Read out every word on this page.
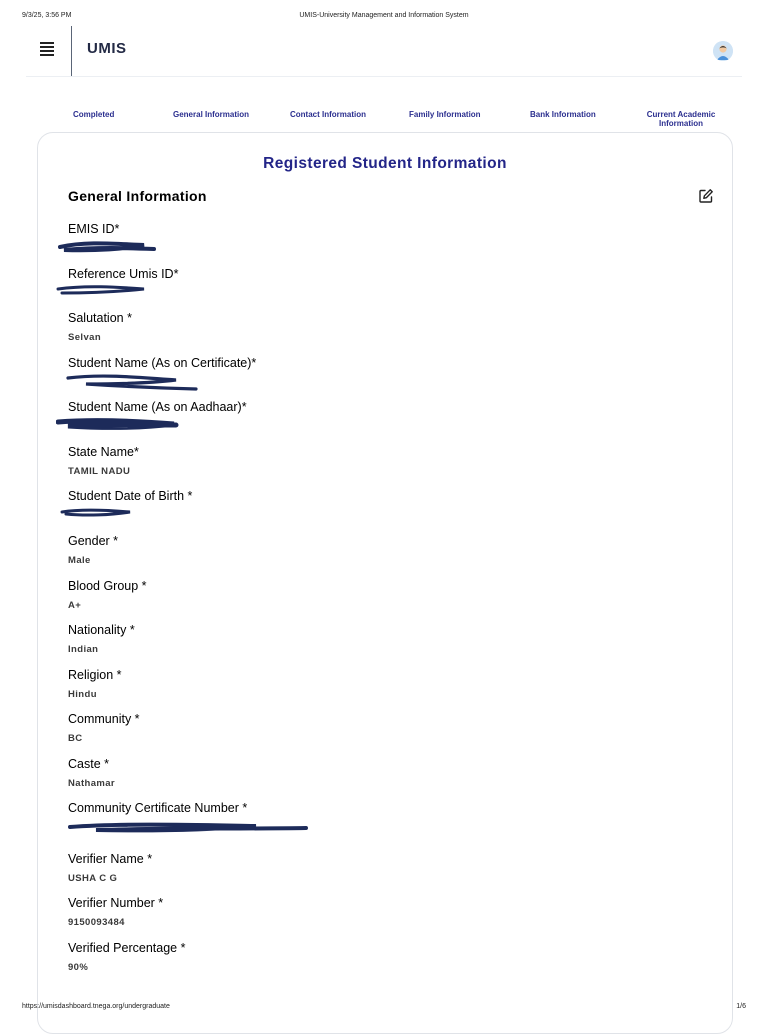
9/3/25, 3:56 PM	UMIS-University Management and Information System
UMIS
Completed	General Information	Contact Information	Family Information	Bank Information	Current Academic Information
Registered Student Information
General Information
EMIS ID*
Reference Umis ID*
Salutation *
Selvan
Student Name (As on Certificate)*
Student Name (As on Aadhaar)*
State Name*
TAMIL NADU
Student Date of Birth *
Gender *
Male
Blood Group *
A+
Nationality *
Indian
Religion *
Hindu
Community *
BC
Caste *
Nathamar
Community Certificate Number *
Verifier Name *
USHA C G
Verifier Number *
9150093484
Verified Percentage *
90%
https://umisdashboard.tnega.org/undergraduate	1/6
